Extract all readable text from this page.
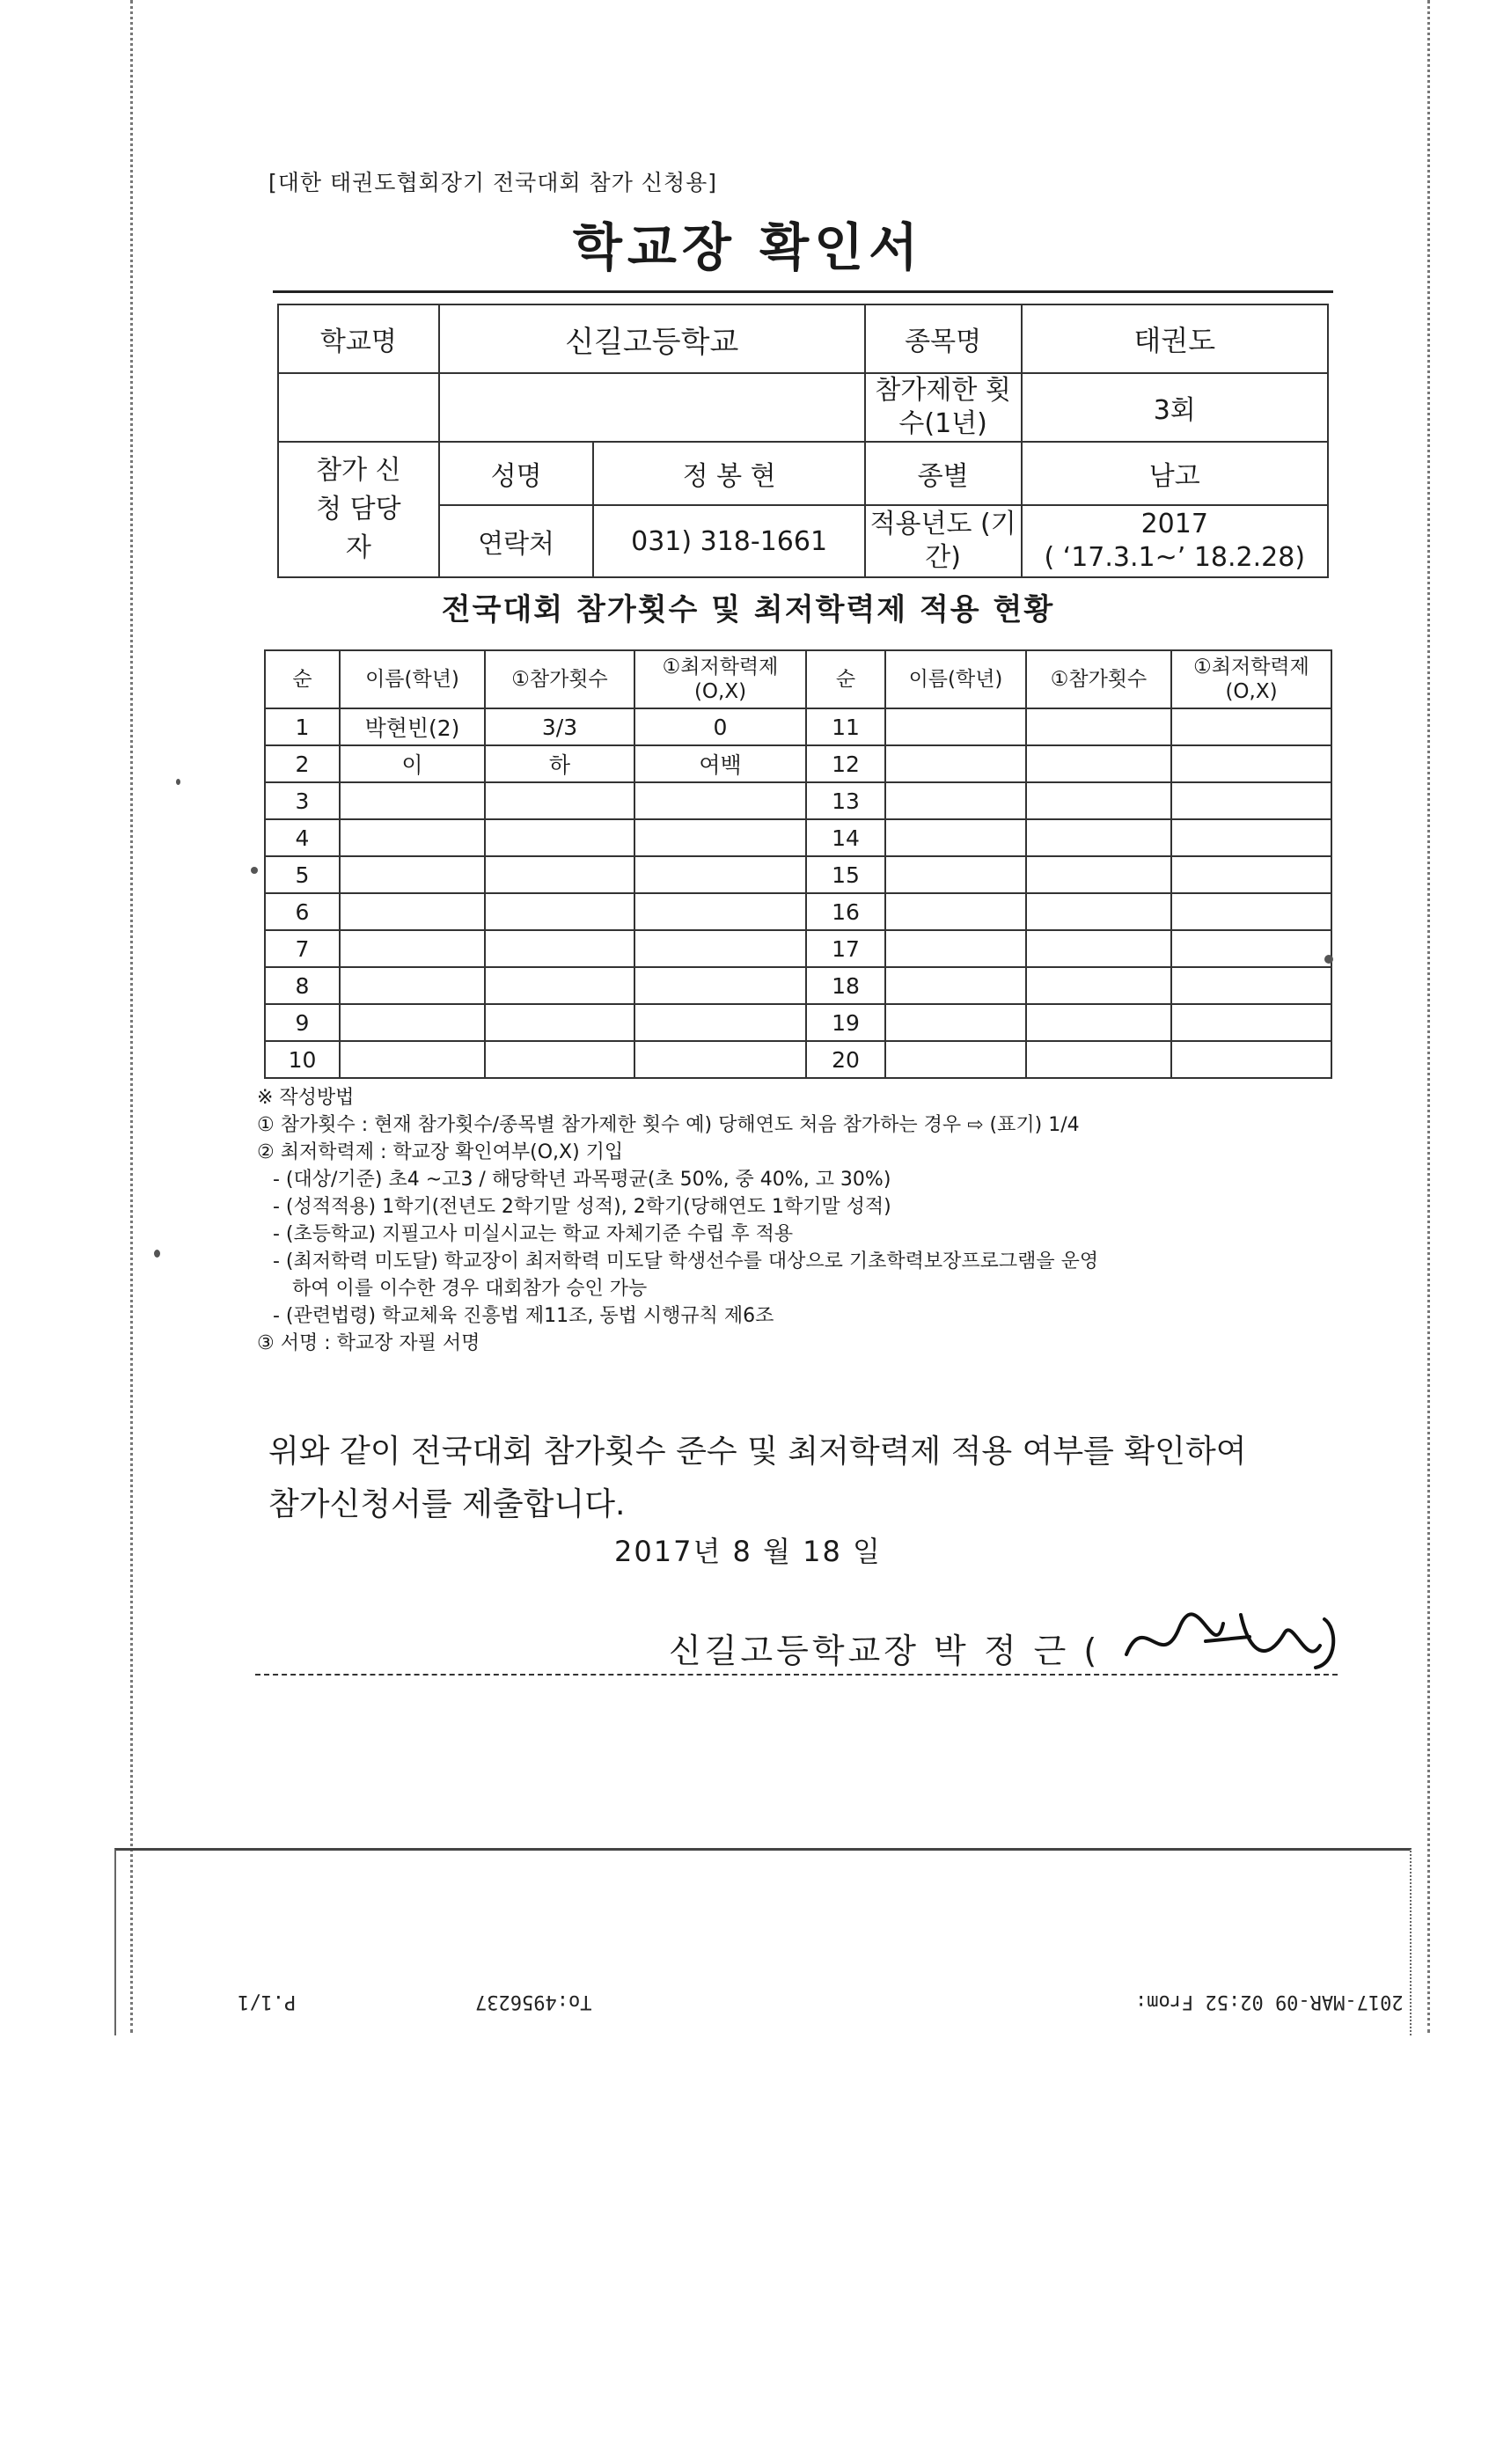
[대한 태권도협회장기 전국대회 참가 신청용]
학교장 확인서
학교명	신길고등학교		종목명	태권도
			참가제한 횟수(1년)	3회
참가 신청 담당자	성명	정 봉 현	종별	남고
	연락처	031) 318-1661	적용년도 (기간)	2017
( ‘17.3.1~’ 18.2.28)
전국대회 참가횟수 및 최저학력제 적용 현황
순	이름(학년)	①참가횟수	①최저학력제 (O,X)	순	이름(학년)	①참가횟수	①최저학력제 (O,X)
1	박현빈(2)	3/3	0	11			
2	이	하	여백	12			
3				13			
4				14			
5				15			
6				16			
7				17			
8				18			
9				19			
10				20			
※ 작성방법
① 참가횟수 : 현재 참가횟수/종목별 참가제한 횟수 예) 당해연도 처음 참가하는 경우 ⇨ (표기) 1/4
② 최저학력제 : 학교장 확인여부(O,X) 기입
- (대상/기준) 초4 ~고3 / 해당학년 과목평균(초 50%, 중 40%, 고 30%)
- (성적적용) 1학기(전년도 2학기말 성적), 2학기(당해연도 1학기말 성적)
- (초등학교) 지필고사 미실시교는 학교 자체기준 수립 후 적용
- (최저학력 미도달) 학교장이 최저학력 미도달 학생선수를 대상으로 기초학력보장프로그램을 운영
하여 이를 이수한 경우 대회참가 승인 가능
- (관련법령) 학교체육 진흥법 제11조, 동법 시행규칙 제6조
③ 서명 : 학교장 자필 서명
위와 같이 전국대회 참가횟수 준수 및 최저학력제 적용 여부를 확인하여
참가신청서를 제출합니다.
2017년 8 월 18 일
신길고등학교장 박 정 근 (
P.1/1	To:4956237	2017-MAR-09 02:52 From:
